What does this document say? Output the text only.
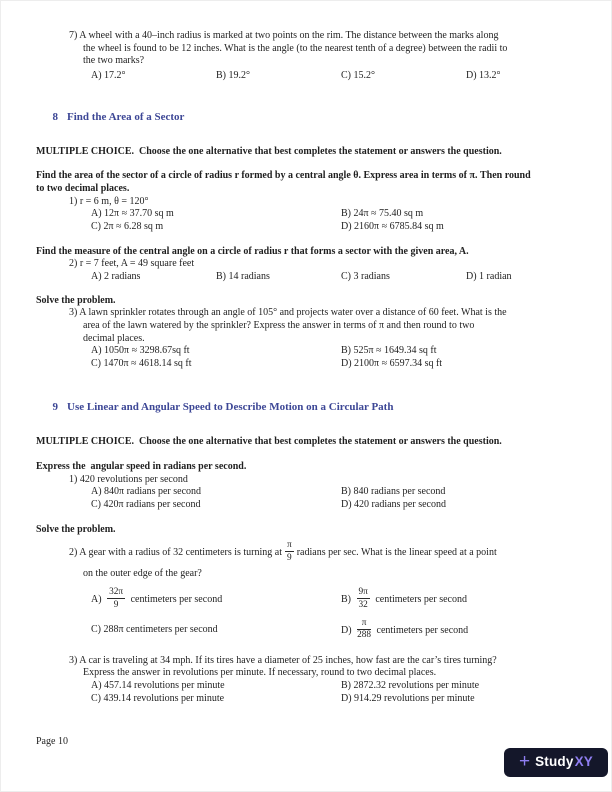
7) A wheel with a 40–inch radius is marked at two points on the rim. The distance between the marks along
the wheel is found to be 12 inches. What is the angle (to the nearest tenth of a degree) between the radii to
the two marks?
A) 17.2°	B) 19.2°	C) 15.2°	D) 13.2°

8 Find the Area of a Sector

MULTIPLE CHOICE.  Choose the one alternative that best completes the statement or answers the question.
Find the area of the sector of a circle of radius r formed by a central angle θ. Express area in terms of π. Then round
to two decimal places.
1) r = 6 m, θ = 120°
A) 12π ≈ 37.70 sq m	B) 24π ≈ 75.40 sq m
C) 2π ≈ 6.28 sq m	D) 2160π ≈ 6785.84 sq m
Find the measure of the central angle on a circle of radius r that forms a sector with the given area, A.
2) r = 7 feet, A = 49 square feet
A) 2 radians	B) 14 radians	C) 3 radians	D) 1 radian
Solve the problem.
3) A lawn sprinkler rotates through an angle of 105° and projects water over a distance of 60 feet. What is the
area of the lawn watered by the sprinkler? Express the answer in terms of π and then round to two
decimal places.
A) 1050π ≈ 3298.67sq ft	B) 525π ≈ 1649.34 sq ft
C) 1470π ≈ 4618.14 sq ft	D) 2100π ≈ 6597.34 sq ft

9 Use Linear and Angular Speed to Describe Motion on a Circular Path

MULTIPLE CHOICE.  Choose the one alternative that best completes the statement or answers the question.
Express the  angular speed in radians per second.
1) 420 revolutions per second
A) 840π radians per second	B) 840 radians per second
C) 420π radians per second	D) 420 radians per second
Solve the problem.
2) A gear with a radius of 32 centimeters is turning at $\frac{\pi}{9}$ radians per sec. What is the linear speed at a point
on the outer edge of the gear?
$A) \frac{32\pi}{9}$ centimeters per second	$B) \frac{9\pi}{32}$ centimeters per second
C) 288π centimeters per second	$D) \frac{\pi}{288}$ centimeters per second
3) A car is traveling at 34 mph. If its tires have a diameter of 25 inches, how fast are the car’s tires turning?
Express the answer in revolutions per minute. If necessary, round to two decimal places.
A) 457.14 revolutions per minute	B) 2872.32 revolutions per minute
C) 439.14 revolutions per minute	D) 914.29 revolutions per minute
Page 10
+ Study XY
